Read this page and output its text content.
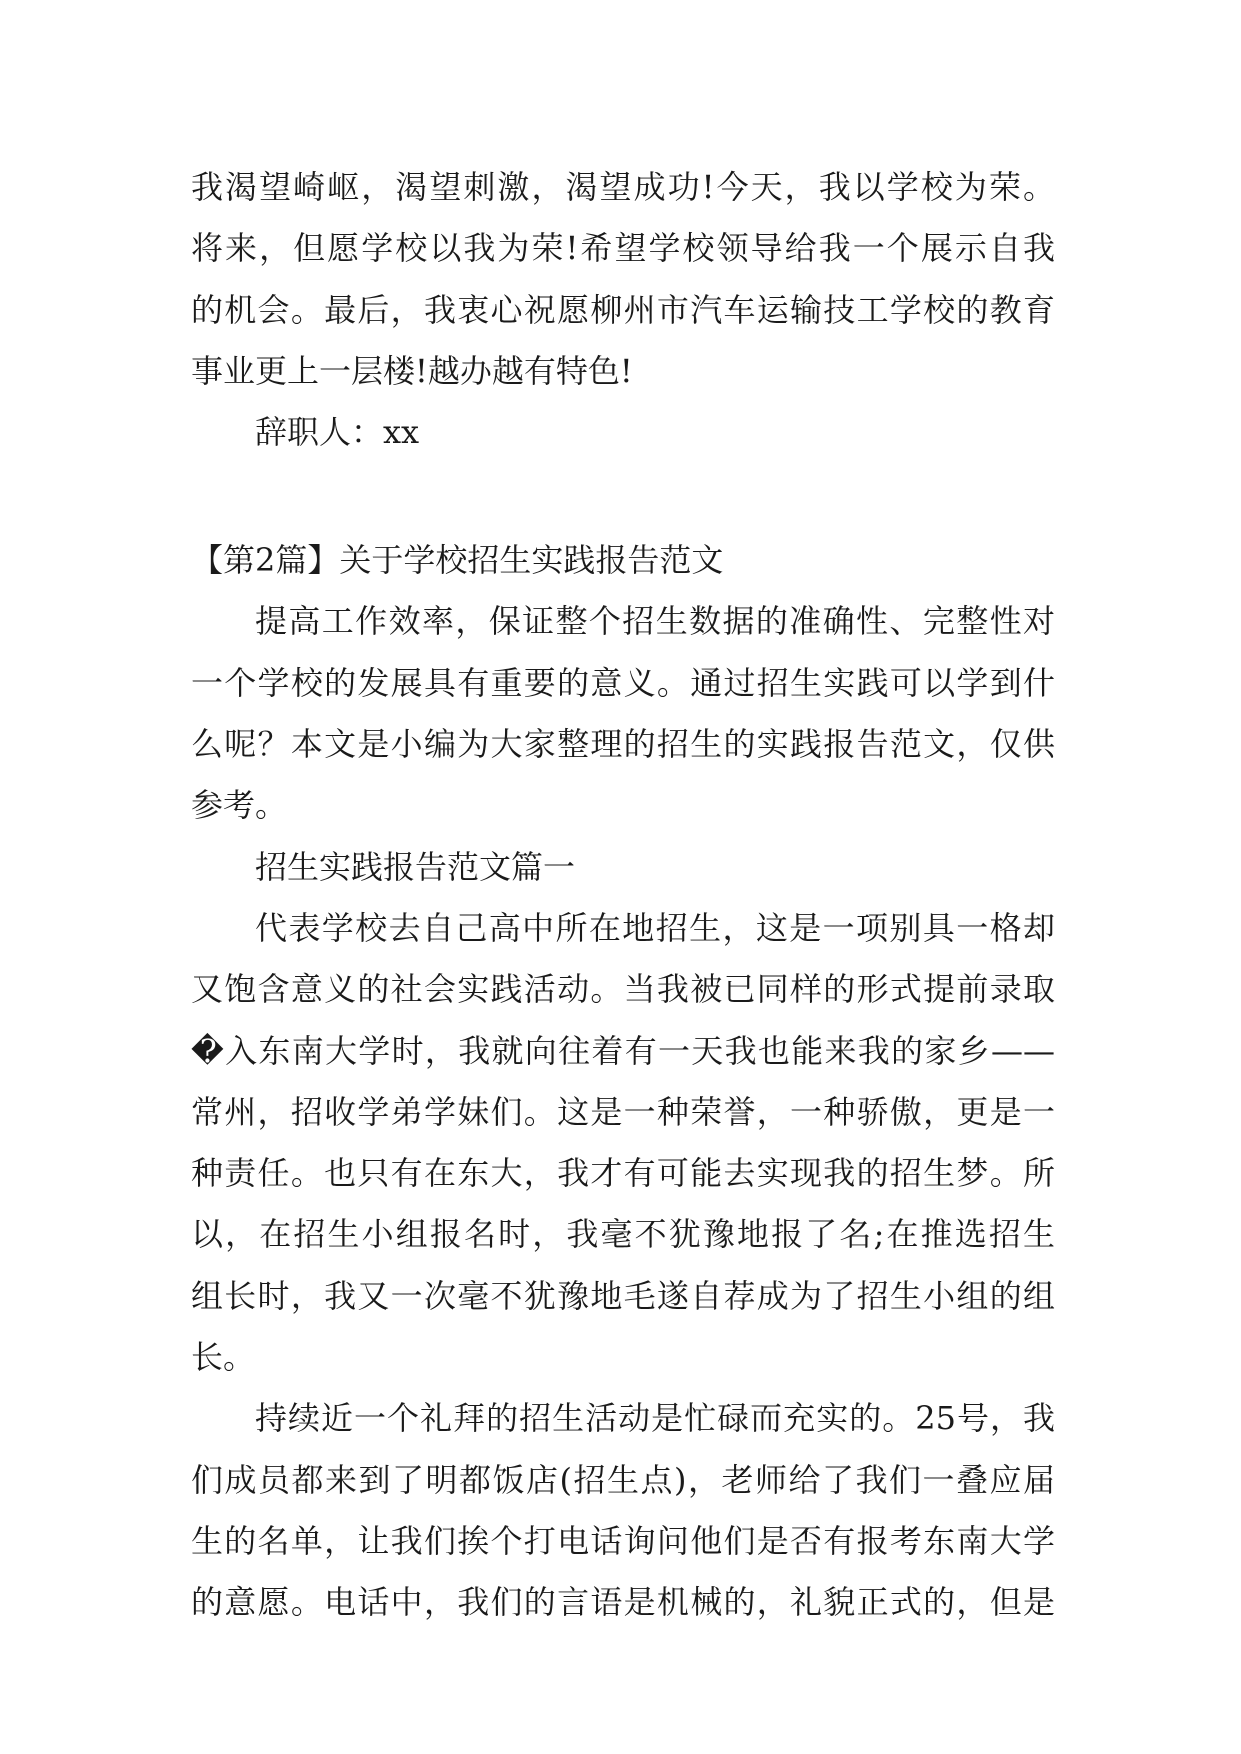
我渴望崎岖，渴望刺激，渴望成功!今天，我以学校为荣。
将来，但愿学校以我为荣!希望学校领导给我一个展示自我
的机会。最后，我衷心祝愿柳州市汽车运输技工学校的教育
事业更上一层楼!越办越有特色!
辞职人：xx
【第2篇】关于学校招生实践报告范文
提高工作效率，保证整个招生数据的准确性、完整性对
一个学校的发展具有重要的意义。通过招生实践可以学到什
么呢？本文是小编为大家整理的招生的实践报告范文，仅供
参考。
招生实践报告范文篇一
代表学校去自己高中所在地招生，这是一项别具一格却
又饱含意义的社会实践活动。当我被已同样的形式提前录取
�入东南大学时，我就向往着有一天我也能来我的家乡——
常州，招收学弟学妹们。这是一种荣誉，一种骄傲，更是一
种责任。也只有在东大，我才有可能去实现我的招生梦。所
以，在招生小组报名时，我毫不犹豫地报了名;在推选招生
组长时，我又一次毫不犹豫地毛遂自荐成为了招生小组的组
长。
持续近一个礼拜的招生活动是忙碌而充实的。25号，我
们成员都来到了明都饭店(招生点)，老师给了我们一叠应届
生的名单，让我们挨个打电话询问他们是否有报考东南大学
的意愿。电话中，我们的言语是机械的，礼貌正式的，但是
